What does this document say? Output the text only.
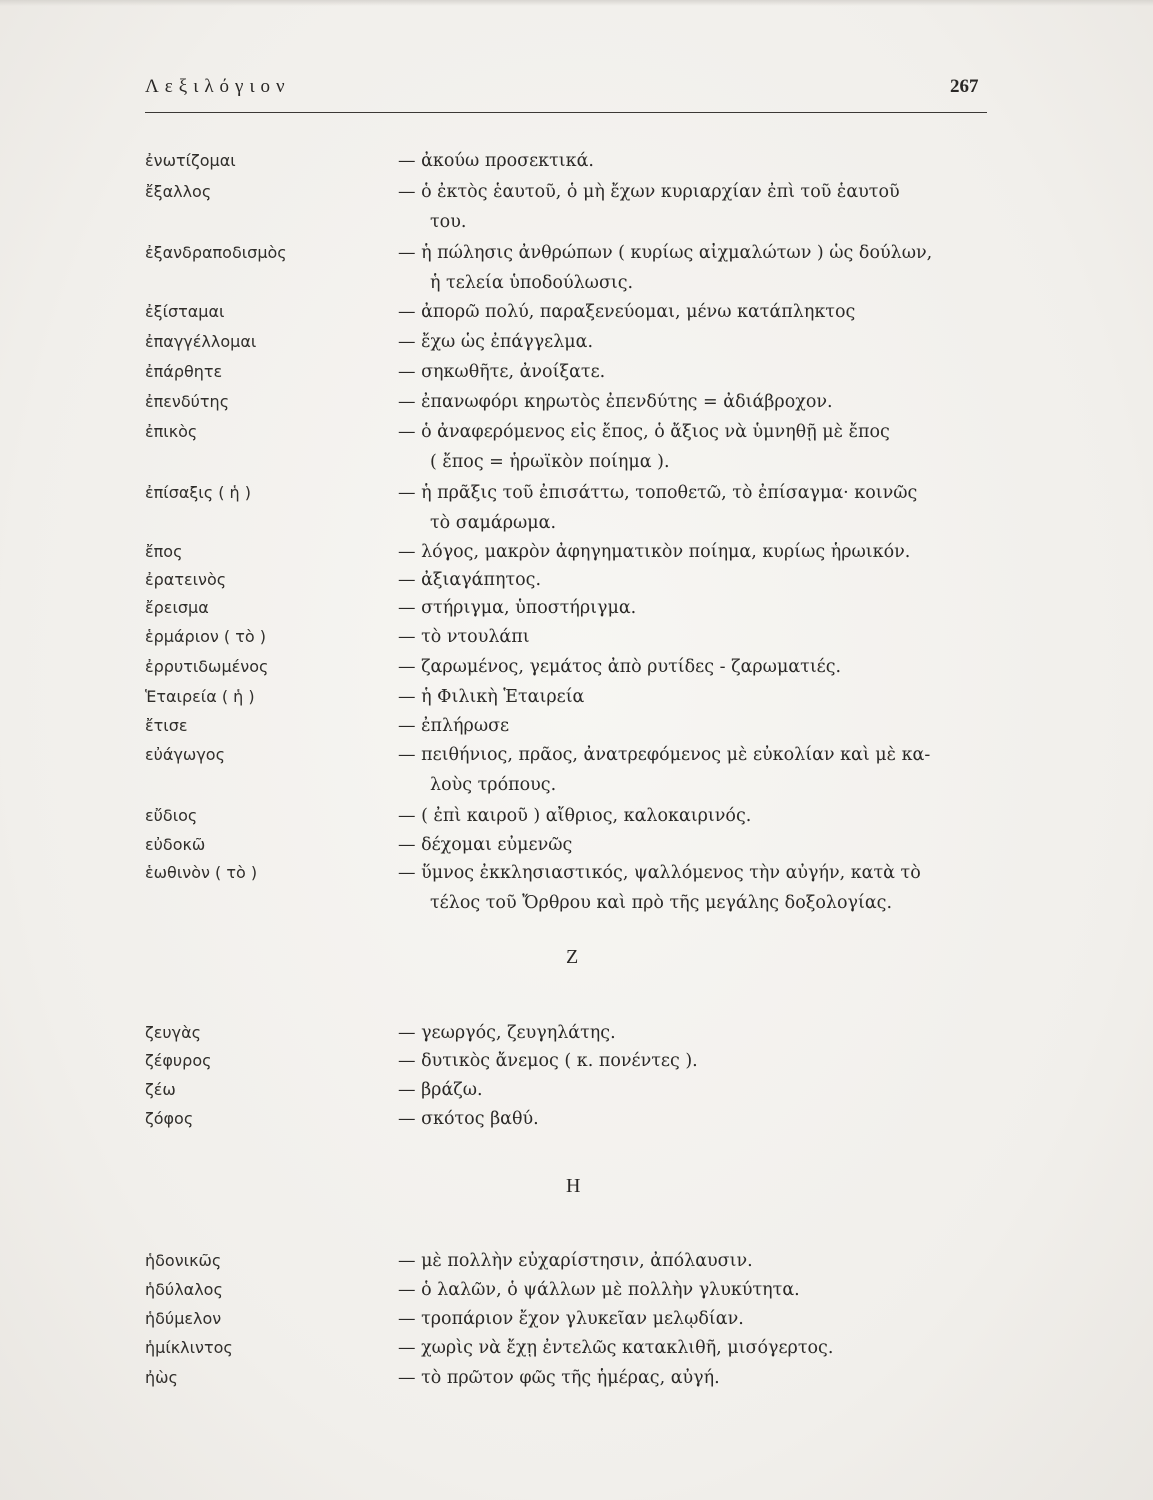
Λεξιλόγιον	267
ἐνωτίζομαι	— ἀκούω προσεκτικά.
ἔξαλλος	— ὁ ἐκτὸς ἑαυτοῦ, ὁ μὴ ἔχων κυριαρχίαν ἐπὶ τοῦ ἑαυτοῦ
του.
ἐξανδραποδισμὸς	— ἡ πώλησις ἀνθρώπων ( κυρίως αἰχμαλώτων ) ὡς δούλων,
ἡ τελεία ὑποδούλωσις.
ἐξίσταμαι	— ἀπορῶ πολύ, παραξενεύομαι, μένω κατάπληκτος
ἐπαγγέλλομαι	— ἔχω ὡς ἐπάγγελμα.
ἐπάρθητε	— σηκωθῆτε, ἀνοίξατε.
ἐπενδύτης	— ἐπανωφόρι κηρωτὸς ἐπενδύτης = ἀδιάβροχον.
ἐπικὸς	— ὁ ἀναφερόμενος εἰς ἔπος, ὁ ἄξιος νὰ ὑμνηθῇ μὲ ἔπος
( ἔπος = ἡρωϊκὸν ποίημα ).
ἐπίσαξις ( ἡ )	— ἡ πρᾶξις τοῦ ἐπισάττω, τοποθετῶ, τὸ ἐπίσαγμα· κοινῶς
τὸ σαμάρωμα.
ἔπος	— λόγος, μακρὸν ἀφηγηματικὸν ποίημα, κυρίως ἡρωικόν.
ἐρατεινὸς	— ἀξιαγάπητος.
ἔρεισμα	— στήριγμα, ὑποστήριγμα.
ἑρμάριον ( τὸ )	— τὸ ντουλάπι
ἐρρυτιδωμένος	— ζαρωμένος, γεμάτος ἀπὸ ρυτίδες - ζαρωματιές.
Ἑταιρεία ( ἡ )	— ἡ Φιλικὴ Ἑταιρεία
ἔτισε	— ἐπλήρωσε
εὐάγωγος	— πειθήνιος, πρᾶος, ἀνατρεφόμενος μὲ εὐκολίαν καὶ μὲ κα-
λοὺς τρόπους.
εὔδιος	— ( ἐπὶ καιροῦ ) αἴθριος, καλοκαιρινός.
εὐδοκῶ	— δέχομαι εὐμενῶς
ἑωθινὸν ( τὸ )	— ὕμνος ἐκκλησιαστικός, ψαλλόμενος τὴν αὐγήν, κατὰ τὸ
τέλος τοῦ Ὄρθρου καὶ πρὸ τῆς μεγάλης δοξολογίας.
Ζ
ζευγὰς	— γεωργός, ζευγηλάτης.
ζέφυρος	— δυτικὸς ἄνεμος ( κ. πονέντες ).
ζέω	— βράζω.
ζόφος	— σκότος βαθύ.
Η
ἡδονικῶς	— μὲ πολλὴν εὐχαρίστησιν, ἀπόλαυσιν.
ἡδύλαλος	— ὁ λαλῶν, ὁ ψάλλων μὲ πολλὴν γλυκύτητα.
ἡδύμελον	— τροπάριον ἔχον γλυκεῖαν μελῳδίαν.
ἡμίκλιντος	— χωρὶς νὰ ἔχῃ ἐντελῶς κατακλιθῆ, μισόγερτος.
ἠὼς	— τὸ πρῶτον φῶς τῆς ἡμέρας, αὐγή.
